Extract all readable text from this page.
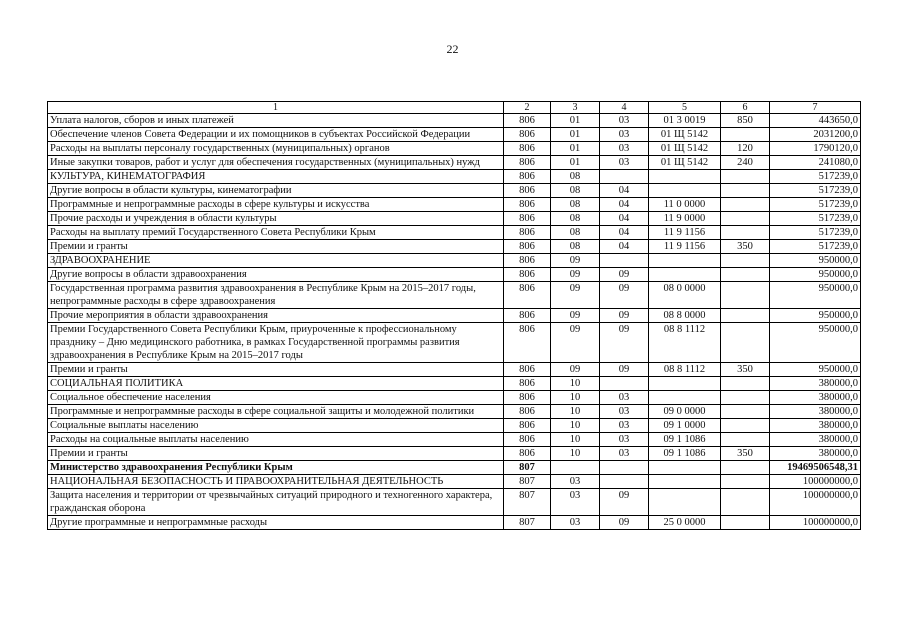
22
1	2	3	4	5	6	7
Уплата налогов, сборов и иных платежей	806	01	03	01 3 0019	850	443650,0
Обеспечение членов Совета Федерации и их помощников в субъектах Российской Федерации	806	01	03	01 Щ 5142		2031200,0
Расходы на выплаты персоналу государственных (муниципальных) органов	806	01	03	01 Щ 5142	120	1790120,0
Иные закупки товаров, работ и услуг для обеспечения государственных (муниципальных) нужд	806	01	03	01 Щ 5142	240	241080,0
КУЛЬТУРА, КИНЕМАТОГРАФИЯ	806	08				517239,0
Другие вопросы в области культуры, кинематографии	806	08	04			517239,0
Программные и непрограммные расходы в сфере культуры и искусства	806	08	04	11 0 0000		517239,0
Прочие расходы и учреждения в области культуры	806	08	04	11 9 0000		517239,0
Расходы на выплату премий Государственного Совета Республики Крым	806	08	04	11 9 1156		517239,0
Премии и гранты	806	08	04	11 9 1156	350	517239,0
ЗДРАВООХРАНЕНИЕ	806	09				950000,0
Другие вопросы в области здравоохранения	806	09	09			950000,0
Государственная программа развития здравоохранения в Республике Крым на 2015–2017 годы, непрограммные расходы в сфере здравоохранения	806	09	09	08 0 0000		950000,0
Прочие мероприятия в области здравоохранения	806	09	09	08 8 0000		950000,0
Премии Государственного Совета Республики Крым, приуроченные к профессиональному празднику – Дню медицинского работника, в рамках Государственной программы развития здравоохранения в Республике Крым на 2015–2017 годы	806	09	09	08 8 1112		950000,0
Премии и гранты	806	09	09	08 8 1112	350	950000,0
СОЦИАЛЬНАЯ ПОЛИТИКА	806	10				380000,0
Социальное обеспечение населения	806	10	03			380000,0
Программные и непрограммные расходы в сфере социальной защиты и молодежной политики	806	10	03	09 0 0000		380000,0
Социальные выплаты населению	806	10	03	09 1 0000		380000,0
Расходы на социальные выплаты населению	806	10	03	09 1 1086		380000,0
Премии и гранты	806	10	03	09 1 1086	350	380000,0
Министерство здравоохранения Республики Крым	807					19469506548,31
НАЦИОНАЛЬНАЯ БЕЗОПАСНОСТЬ И ПРАВООХРАНИТЕЛЬНАЯ ДЕЯТЕЛЬНОСТЬ	807	03				100000000,0
Защита населения и территории от чрезвычайных ситуаций природного и техногенного характера, гражданская оборона	807	03	09			100000000,0
Другие программные и непрограммные расходы	807	03	09	25 0 0000		100000000,0
